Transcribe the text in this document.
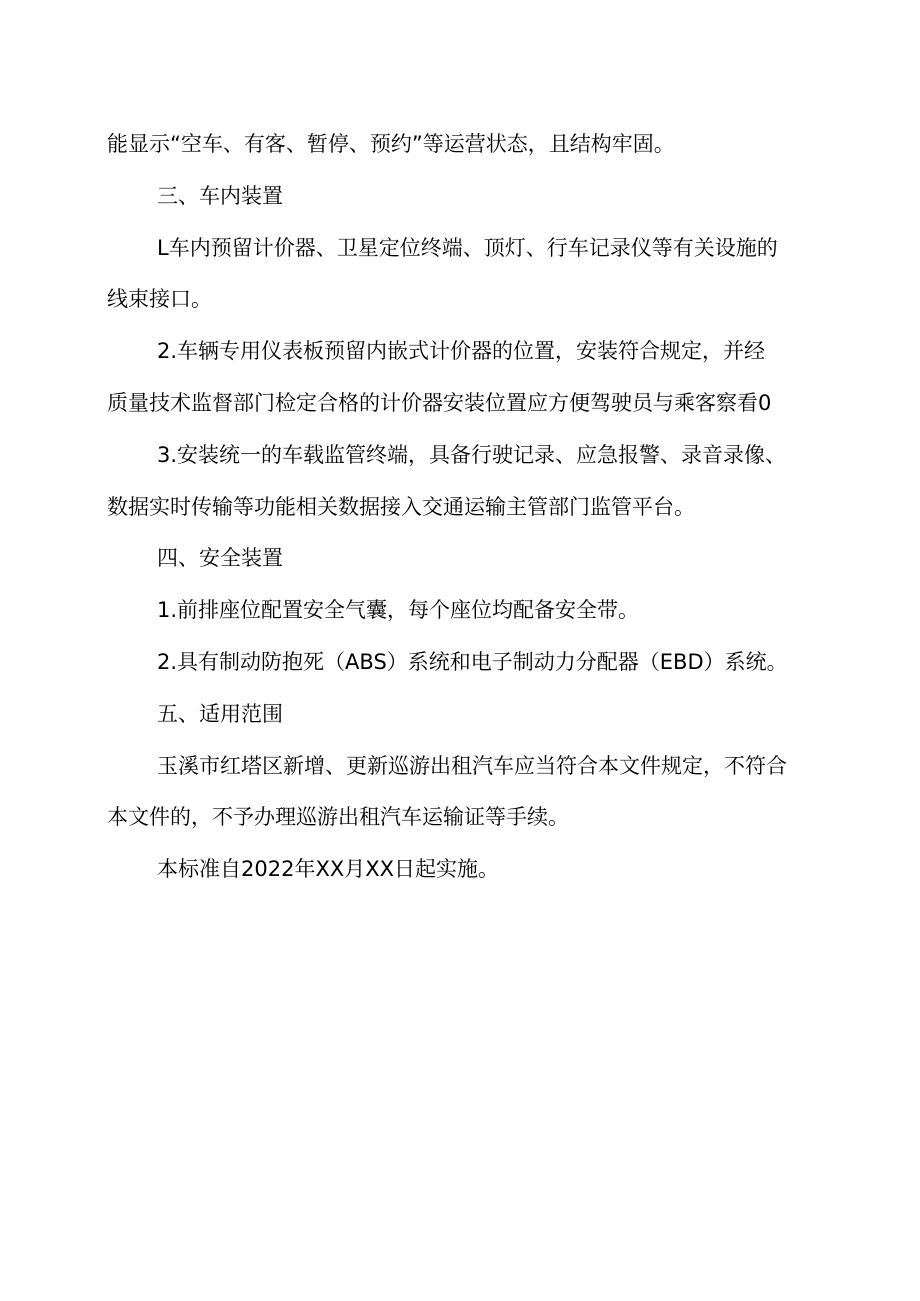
能显示“空车、有客、暂停、预约”等运营状态，且结构牢固。
三、车内装置
L车内预留计价器、卫星定位终端、顶灯、行车记录仪等有关设施的
线束接口。
2.车辆专用仪表板预留内嵌式计价器的位置，安装符合规定，并经
质量技术监督部门检定合格的计价器安装位置应方便驾驶员与乘客察看0
3.安装统一的车载监管终端，具备行驶记录、应急报警、录音录像、
数据实时传输等功能相关数据接入交通运输主管部门监管平台。
四、安全装置
1.前排座位配置安全气囊，每个座位均配备安全带。
2.具有制动防抱死（ABS）系统和电子制动力分配器（EBD）系统。
五、适用范围
玉溪市红塔区新增、更新巡游出租汽车应当符合本文件规定，不符合
本文件的，不予办理巡游出租汽车运输证等手续。
本标准自2022年XX月XX日起实施。
